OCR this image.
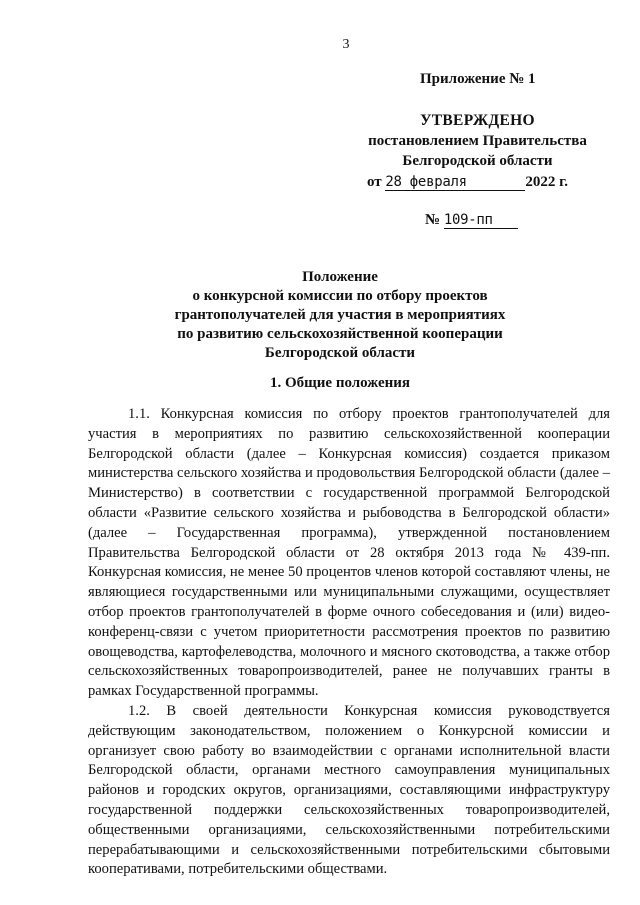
3
Приложение № 1
УТВЕРЖДЕНО
постановлением Правительства
Белгородской области
от 28 февраля	2022 г.
№ 109-пп
Положение
о конкурсной комиссии по отбору проектов
грантополучателей для участия в мероприятиях
по развитию сельскохозяйственной кооперации
Белгородской области
1. Общие положения

1.1. Конкурсная комиссия по отбору проектов грантополучателей для участия в мероприятиях по развитию сельскохозяйственной кооперации Белгородской области (далее – Конкурсная комиссия) создается приказом министерства сельского хозяйства и продовольствия Белгородской области (далее – Министерство) в соответствии с государственной программой Белгородской области «Развитие сельского хозяйства и рыбоводства в Белгородской области» (далее – Государственная программа), утвержденной постановлением Правительства Белгородской области от 28 октября 2013 года № 439-пп. Конкурсная комиссия, не менее 50 процентов членов которой составляют члены, не являющиеся государственными или муниципальными служащими, осуществляет отбор проектов грантополучателей в форме очного собеседования и (или) видео-конференц-связи с учетом приоритетности рассмотрения проектов по развитию овощеводства, картофелеводства, молочного и мясного скотоводства, а также отбор сельскохозяйственных товаропроизводителей, ранее не получавших гранты в рамках Государственной программы.

1.2. В своей деятельности Конкурсная комиссия руководствуется действующим законодательством, положением о Конкурсной комиссии и организует свою работу во взаимодействии с органами исполнительной власти Белгородской области, органами местного самоуправления муниципальных районов и городских округов, организациями, составляющими инфраструктуру государственной поддержки сельскохозяйственных товаропроизводителей, общественными организациями, сельскохозяйственными потребительскими перерабатывающими и сельскохозяйственными потребительскими сбытовыми кооперативами, потребительскими обществами.
